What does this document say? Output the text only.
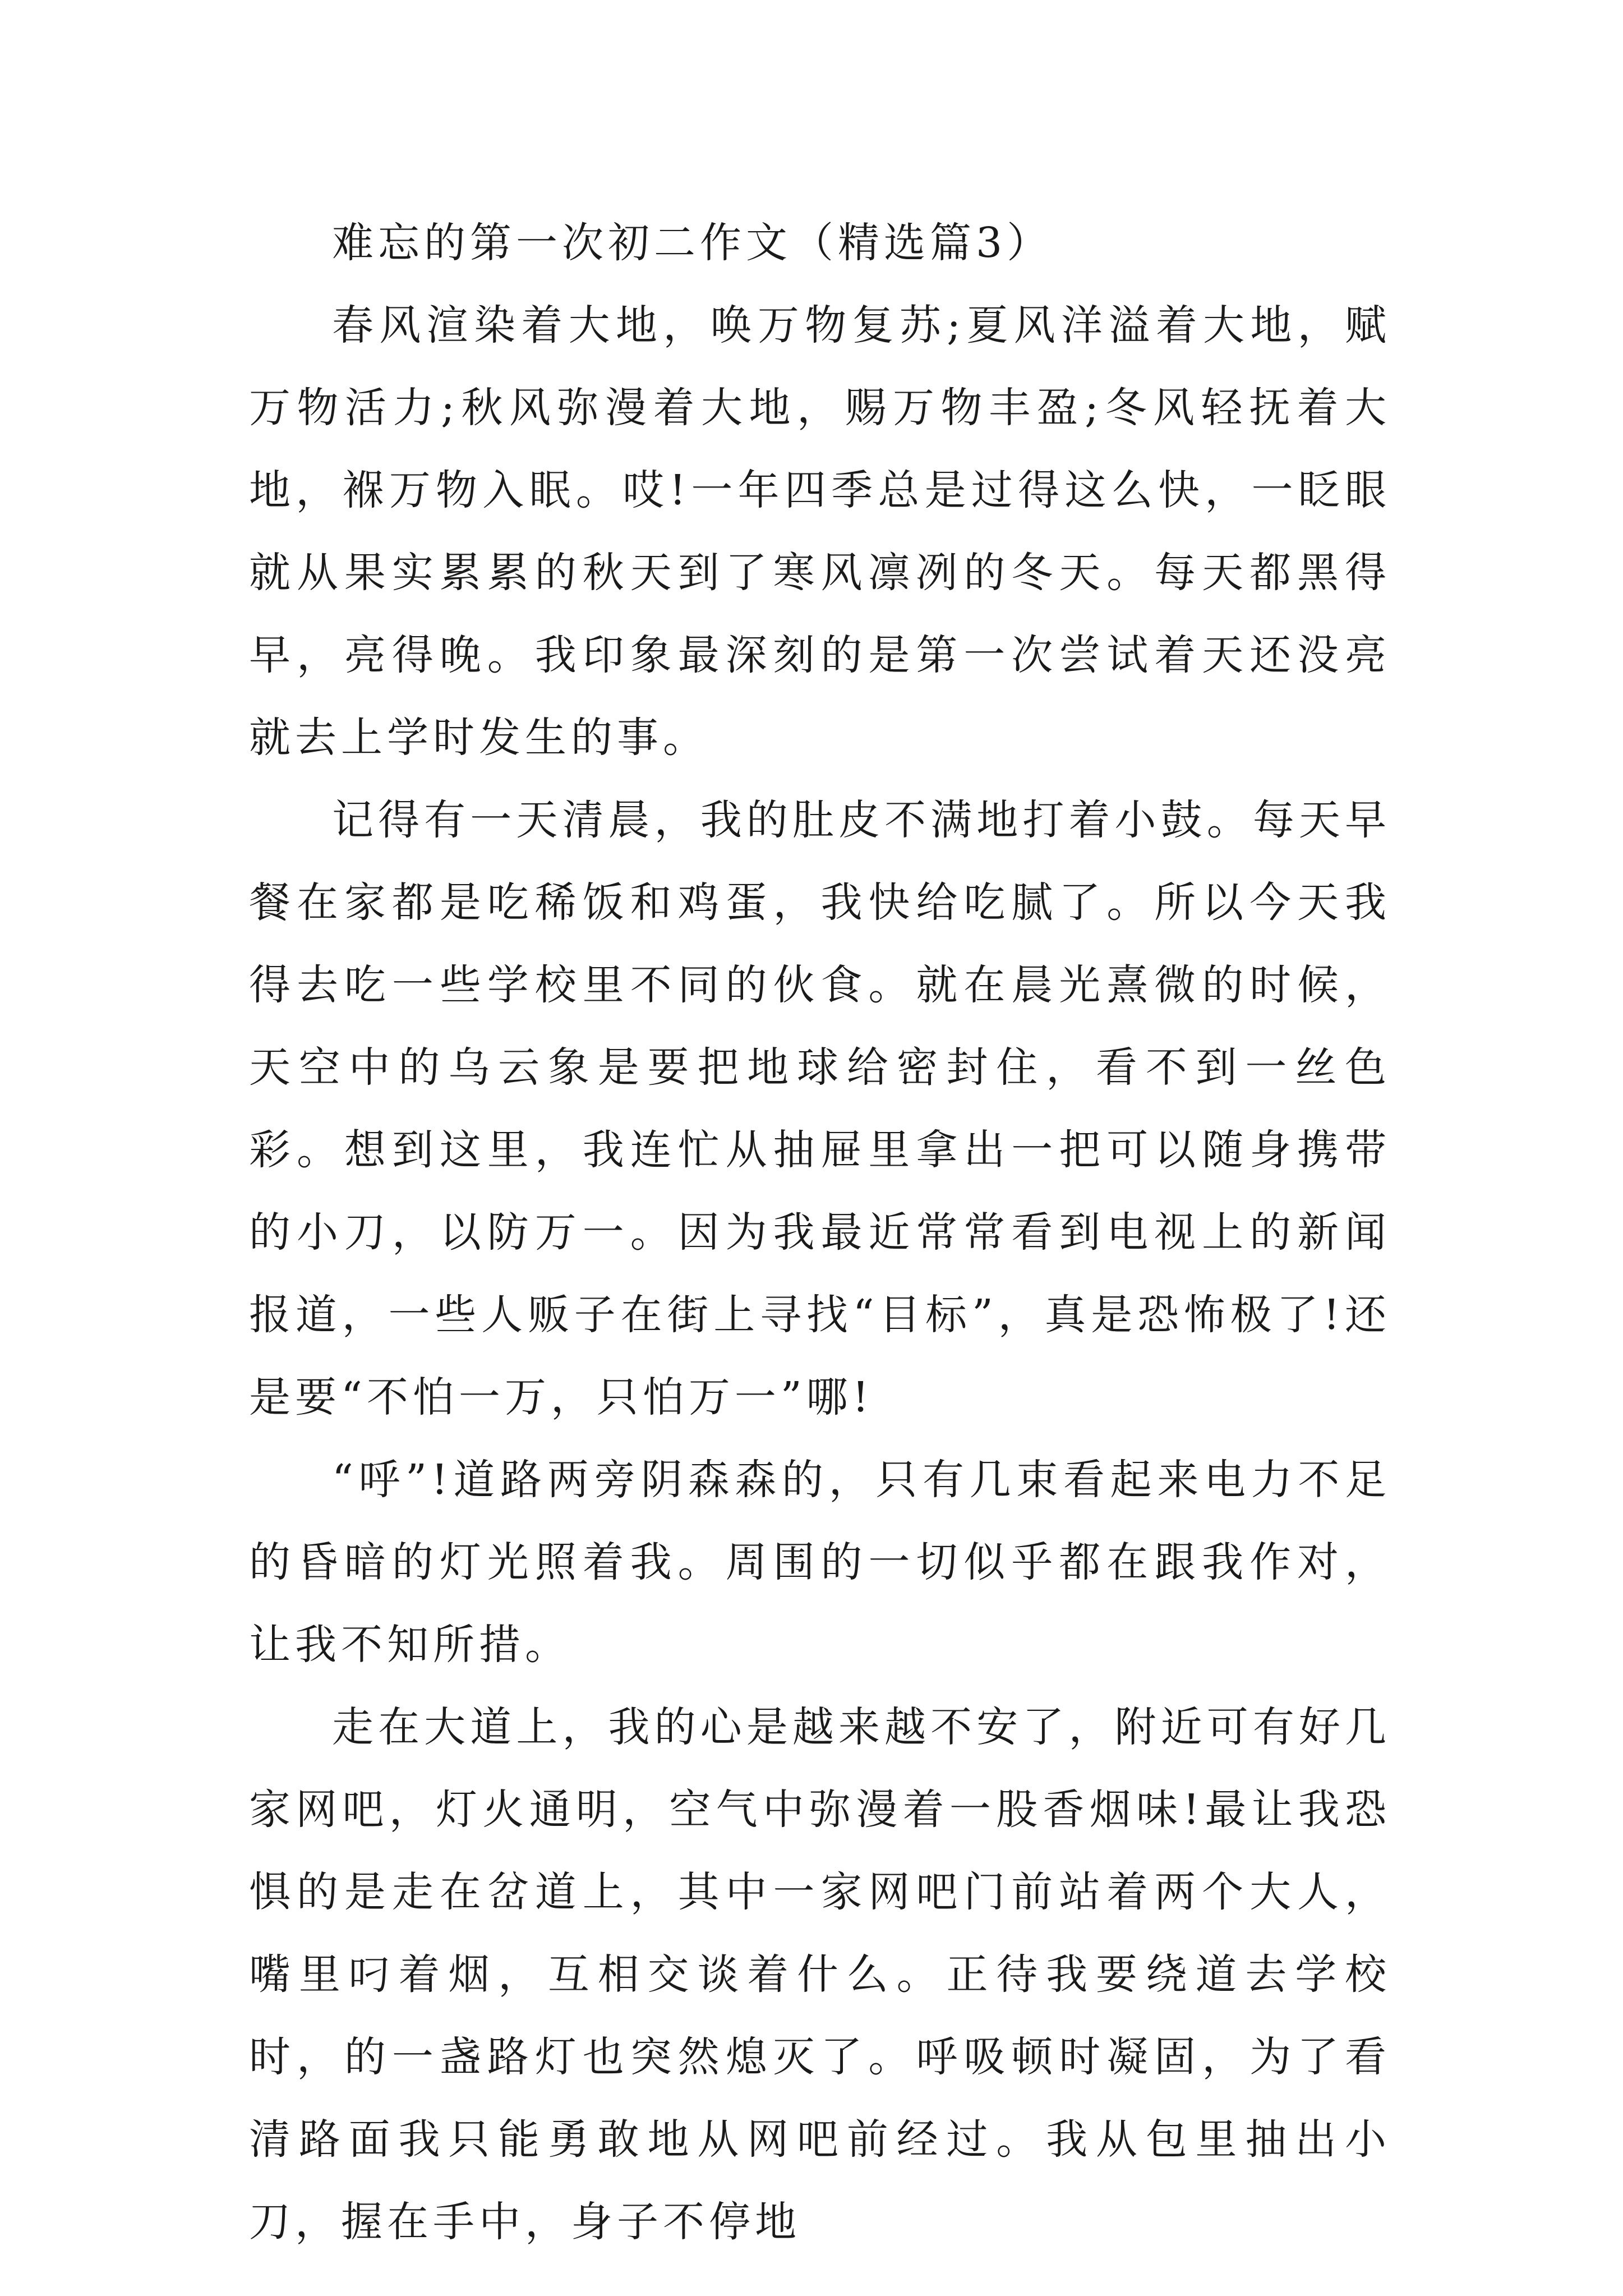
难忘的第一次初二作文（精选篇3）

春风渲染着大地，唤万物复苏;夏风洋溢着大地，赋万物活力;秋风弥漫着大地，赐万物丰盈;冬风轻抚着大地，褓万物入眠。哎!一年四季总是过得这么快，一眨眼就从果实累累的秋天到了寒风凛冽的冬天。每天都黑得早，亮得晚。我印象最深刻的是第一次尝试着天还没亮就去上学时发生的事。

记得有一天清晨，我的肚皮不满地打着小鼓。每天早餐在家都是吃稀饭和鸡蛋，我快给吃腻了。所以今天我得去吃一些学校里不同的伙食。就在晨光熹微的时候，天空中的乌云象是要把地球给密封住，看不到一丝色彩。想到这里，我连忙从抽屉里拿出一把可以随身携带的小刀，以防万一。因为我最近常常看到电视上的新闻报道，一些人贩子在街上寻找“目标”，真是恐怖极了!还是要“不怕一万，只怕万一”哪!

“呼”!道路两旁阴森森的，只有几束看起来电力不足的昏暗的灯光照着我。周围的一切似乎都在跟我作对，让我不知所措。

走在大道上，我的心是越来越不安了，附近可有好几家网吧，灯火通明，空气中弥漫着一股香烟味!最让我恐惧的是走在岔道上，其中一家网吧门前站着两个大人，嘴里叼着烟，互相交谈着什么。正待我要绕道去学校时，的一盏路灯也突然熄灭了。呼吸顿时凝固，为了看清路面我只能勇敢地从网吧前经过。我从包里抽出小刀，握在手中，身子不停地
